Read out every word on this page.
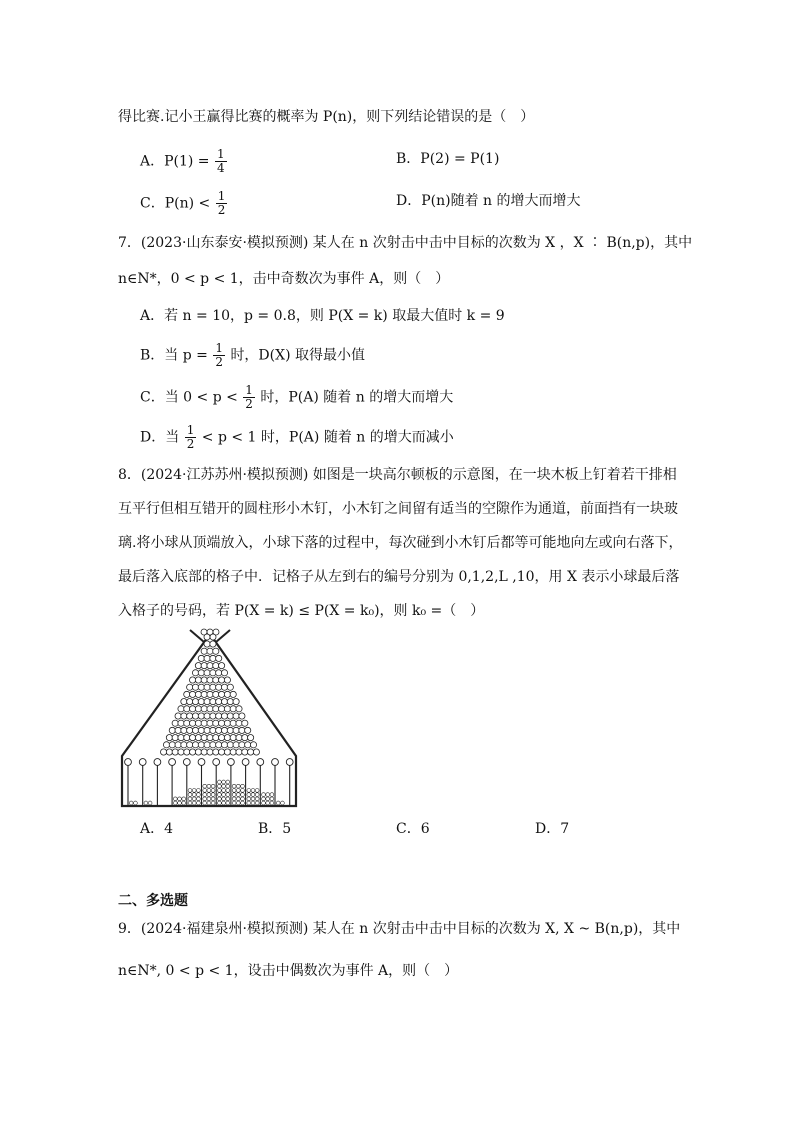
得比赛.记小王赢得比赛的概率为 P(n)，则下列结论错误的是（　）
A．$P(1) = \frac{1}{4}$	B．P(2) = P(1)
C．$P(n) < \frac{1}{2}$	D．P(n)随着 n 的增大而增大
7．(2023·山东泰安·模拟预测) 某人在 n 次射击中击中目标的次数为 X ，X ∶ B(n,p)，其中
n∈N*，0 < p < 1，击中奇数次为事件 A，则（　）
A．若 n = 10，p = 0.8，则 P(X = k) 取最大值时 k = 9
B．当 $p = \frac{1}{2}$ 时，D(X) 取得最小值
C．当 $0 < p < \frac{1}{2}$ 时，P(A) 随着 n 的增大而增大
D．当 $\frac{1}{2} < p < 1$ 时，P(A) 随着 n 的增大而减小
8．(2024·江苏苏州·模拟预测) 如图是一块高尔顿板的示意图，在一块木板上钉着若干排相
互平行但相互错开的圆柱形小木钉，小木钉之间留有适当的空隙作为通道，前面挡有一块玻
璃.将小球从顶端放入，小球下落的过程中，每次碰到小木钉后都等可能地向左或向右落下，
最后落入底部的格子中．记格子从左到右的编号分别为 0,1,2,L ,10，用 X 表示小球最后落
入格子的号码，若 P(X = k) ≤ P(X = k₀)，则 k₀ =（　）
A．4	B．5	C．6	D．7
二、多选题
9．(2024·福建泉州·模拟预测) 某人在 n 次射击中击中目标的次数为 X, X ~ B(n,p)，其中
n∈N*, 0 < p < 1，设击中偶数次为事件 A，则（　）
